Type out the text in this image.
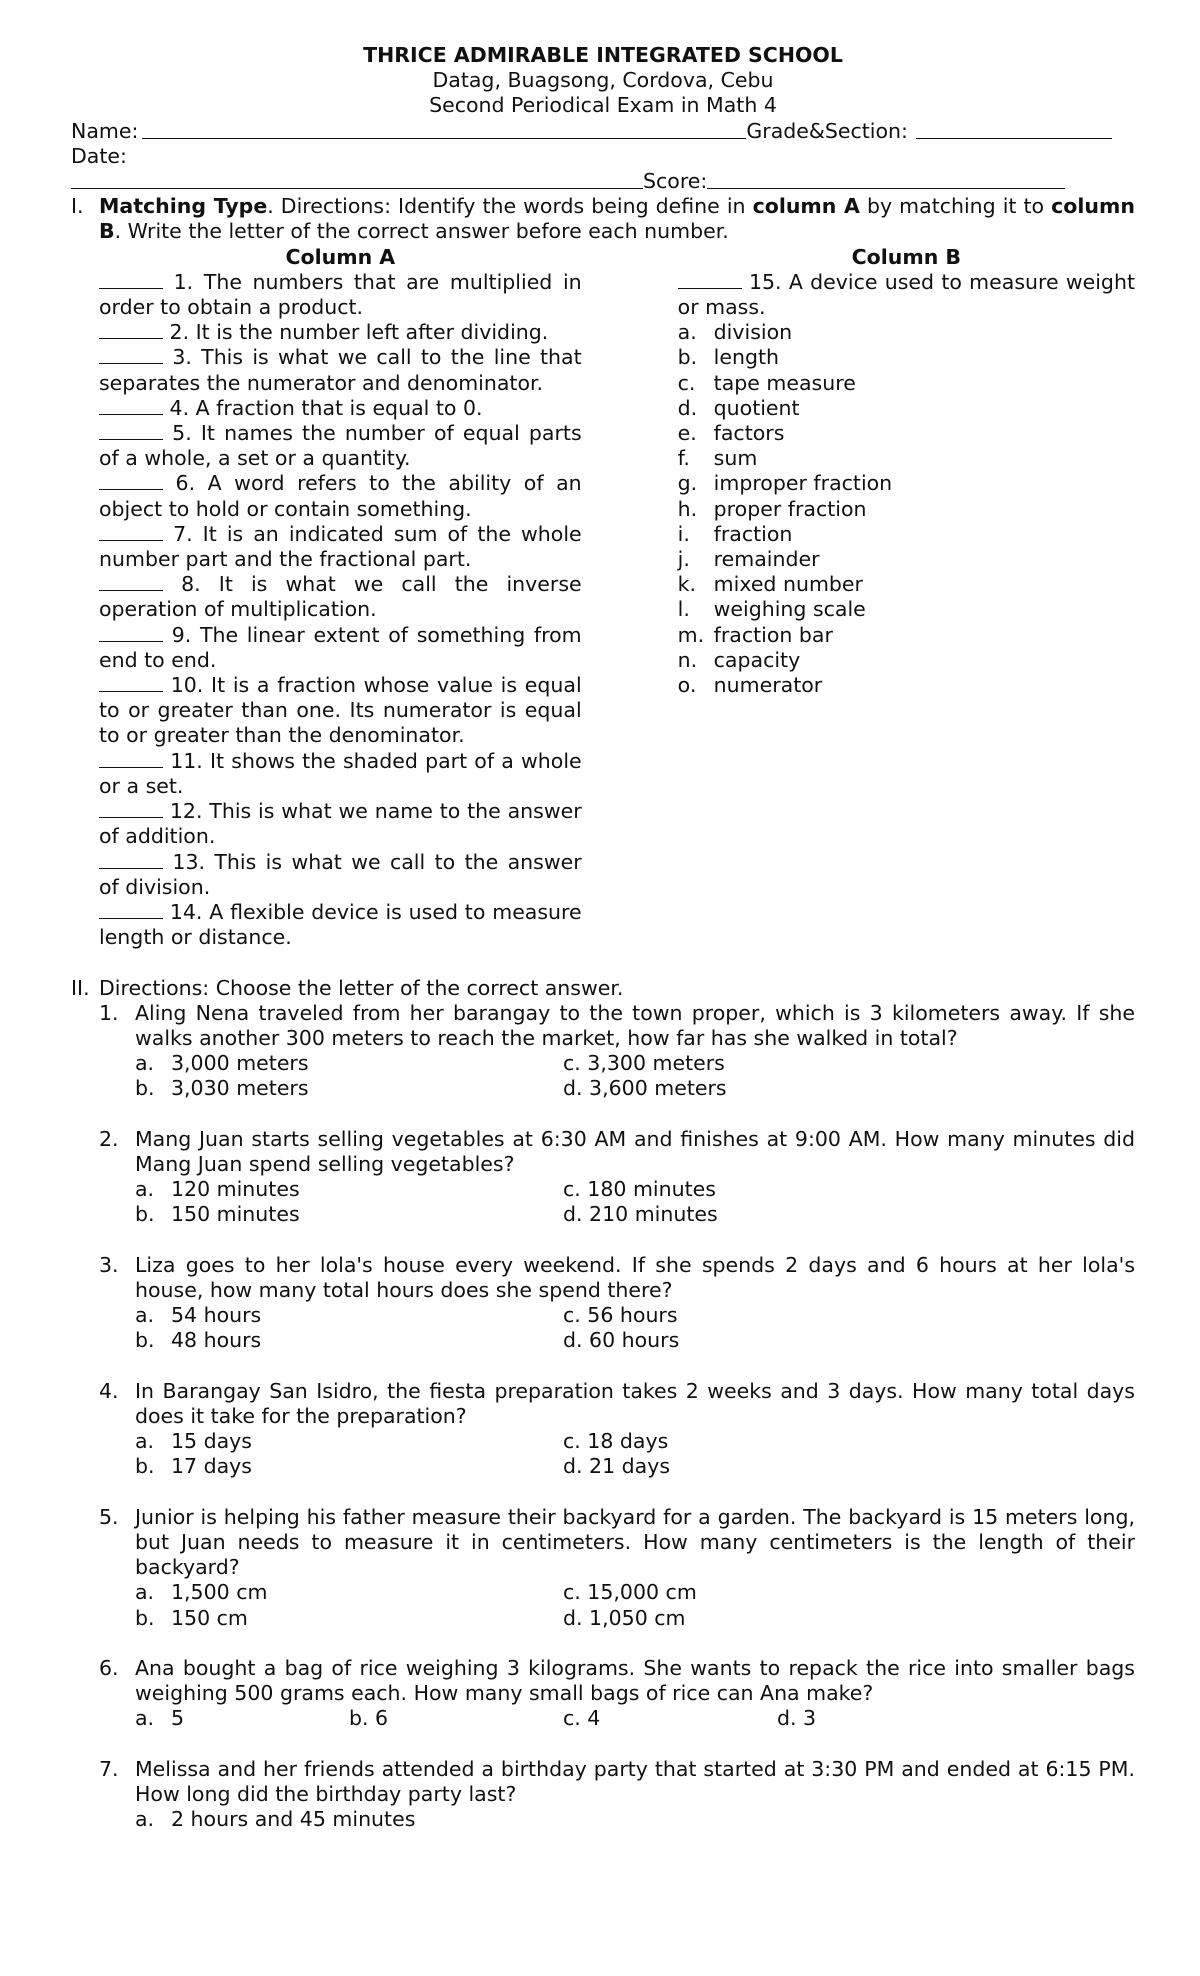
THRICE ADMIRABLE INTEGRATED SCHOOL
Datag, Buagsong, Cordova, Cebu
Second Periodical Exam in Math 4
Name:	Grade&Section:
Date:
Score:
I. Matching Type. Directions: Identify the words being define in column A by matching it to column B. Write the letter of the correct answer before each number.
Column A
1. The numbers that are multiplied in order to obtain a product.
2. It is the number left after dividing.
3. This is what we call to the line that separates the numerator and denominator.
4. A fraction that is equal to 0.
5. It names the number of equal parts of a whole, a set or a quantity.
6. A word refers to the ability of an object to hold or contain something.
7. It is an indicated sum of the whole number part and the fractional part.
8. It is what we call the inverse operation of multiplication.
9. The linear extent of something from end to end.
10. It is a fraction whose value is equal to or greater than one. Its numerator is equal to or greater than the denominator.
11. It shows the shaded part of a whole or a set.
12. This is what we name to the answer of addition.
13. This is what we call to the answer of division.
14. A flexible device is used to measure length or distance.
Column B
15. A device used to measure weight or mass.
a. division
b. length
c. tape measure
d. quotient
e. factors
f.	sum
g. improper fraction
h. proper fraction
i.	fraction
j.	remainder
k. mixed number
l.	weighing scale
m. fraction bar
n. capacity
o. numerator
II. Directions: Choose the letter of the correct answer.
1. Aling Nena traveled from her barangay to the town proper, which is 3 kilometers away. If she walks another 300 meters to reach the market, how far has she walked in total?
a. 3,000 meters	c. 3,300 meters
b. 3,030 meters	d. 3,600 meters
2. Mang Juan starts selling vegetables at 6:30 AM and finishes at 9:00 AM. How many minutes did Mang Juan spend selling vegetables?
a. 120 minutes	c. 180 minutes
b. 150 minutes	d. 210 minutes
3. Liza goes to her lola's house every weekend. If she spends 2 days and 6 hours at her lola's house, how many total hours does she spend there?
a. 54 hours	c. 56 hours
b. 48 hours	d. 60 hours
4. In Barangay San Isidro, the fiesta preparation takes 2 weeks and 3 days. How many total days does it take for the preparation?
a. 15 days	c. 18 days
b. 17 days	d. 21 days
5. Junior is helping his father measure their backyard for a garden. The backyard is 15 meters long, but Juan needs to measure it in centimeters. How many centimeters is the length of their backyard?
a. 1,500 cm	c. 15,000 cm
b. 150 cm	d. 1,050 cm
6. Ana bought a bag of rice weighing 3 kilograms. She wants to repack the rice into smaller bags weighing 500 grams each. How many small bags of rice can Ana make?
a. 5	b. 6	c. 4	d. 3
7. Melissa and her friends attended a birthday party that started at 3:30 PM and ended at 6:15 PM. How long did the birthday party last?
a. 2 hours and 45 minutes
